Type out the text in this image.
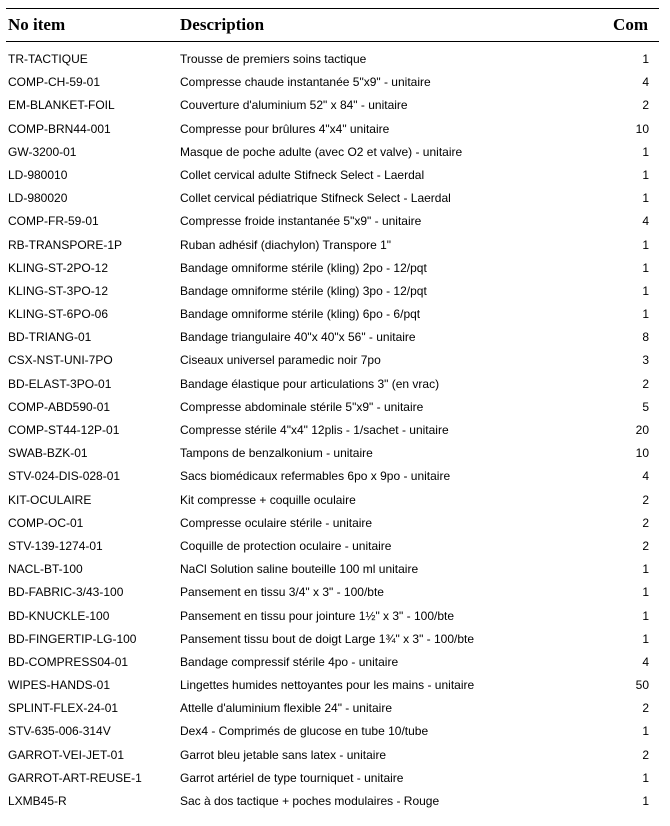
No item	Description	Com
TR-TACTIQUE	Trousse de premiers soins tactique	1
COMP-CH-59-01	Compresse chaude instantanée 5"x9" - unitaire	4
EM-BLANKET-FOIL	Couverture d'aluminium 52" x 84" - unitaire	2
COMP-BRN44-001	Compresse pour brûlures 4"x4" unitaire	10
GW-3200-01	Masque de poche adulte (avec O2 et valve) - unitaire	1
LD-980010	Collet cervical adulte Stifneck Select - Laerdal	1
LD-980020	Collet cervical pédiatrique Stifneck Select - Laerdal	1
COMP-FR-59-01	Compresse froide instantanée 5"x9" - unitaire	4
RB-TRANSPORE-1P	Ruban adhésif (diachylon) Transpore 1"	1
KLING-ST-2PO-12	Bandage omniforme stérile (kling) 2po - 12/pqt	1
KLING-ST-3PO-12	Bandage omniforme stérile (kling) 3po - 12/pqt	1
KLING-ST-6PO-06	Bandage omniforme stérile (kling) 6po - 6/pqt	1
BD-TRIANG-01	Bandage triangulaire 40"x 40"x 56" - unitaire	8
CSX-NST-UNI-7PO	Ciseaux universel paramedic noir 7po	3
BD-ELAST-3PO-01	Bandage élastique pour articulations 3" (en vrac)	2
COMP-ABD590-01	Compresse abdominale stérile 5"x9" - unitaire	5
COMP-ST44-12P-01	Compresse stérile 4"x4" 12plis - 1/sachet - unitaire	20
SWAB-BZK-01	Tampons de benzalkonium - unitaire	10
STV-024-DIS-028-01	Sacs biomédicaux refermables 6po x 9po - unitaire	4
KIT-OCULAIRE	Kit compresse + coquille oculaire	2
COMP-OC-01	Compresse oculaire stérile - unitaire	2
STV-139-1274-01	Coquille de protection oculaire - unitaire	2
NACL-BT-100	NaCl Solution saline bouteille 100 ml unitaire	1
BD-FABRIC-3/43-100	Pansement en tissu 3/4" x 3" - 100/bte	1
BD-KNUCKLE-100	Pansement en tissu pour jointure 1½" x 3" - 100/bte	1
BD-FINGERTIP-LG-100	Pansement tissu bout de doigt Large 1¾" x 3" - 100/bte	1
BD-COMPRESS04-01	Bandage compressif stérile 4po - unitaire	4
WIPES-HANDS-01	Lingettes humides nettoyantes pour les mains - unitaire	50
SPLINT-FLEX-24-01	Attelle d'aluminium flexible 24" - unitaire	2
STV-635-006-314V	Dex4 - Comprimés de glucose en tube 10/tube	1
GARROT-VEI-JET-01	Garrot bleu jetable sans latex - unitaire	2
GARROT-ART-REUSE-1	Garrot artériel de type tourniquet - unitaire	1
LXMB45-R	Sac à dos tactique + poches modulaires - Rouge	1
